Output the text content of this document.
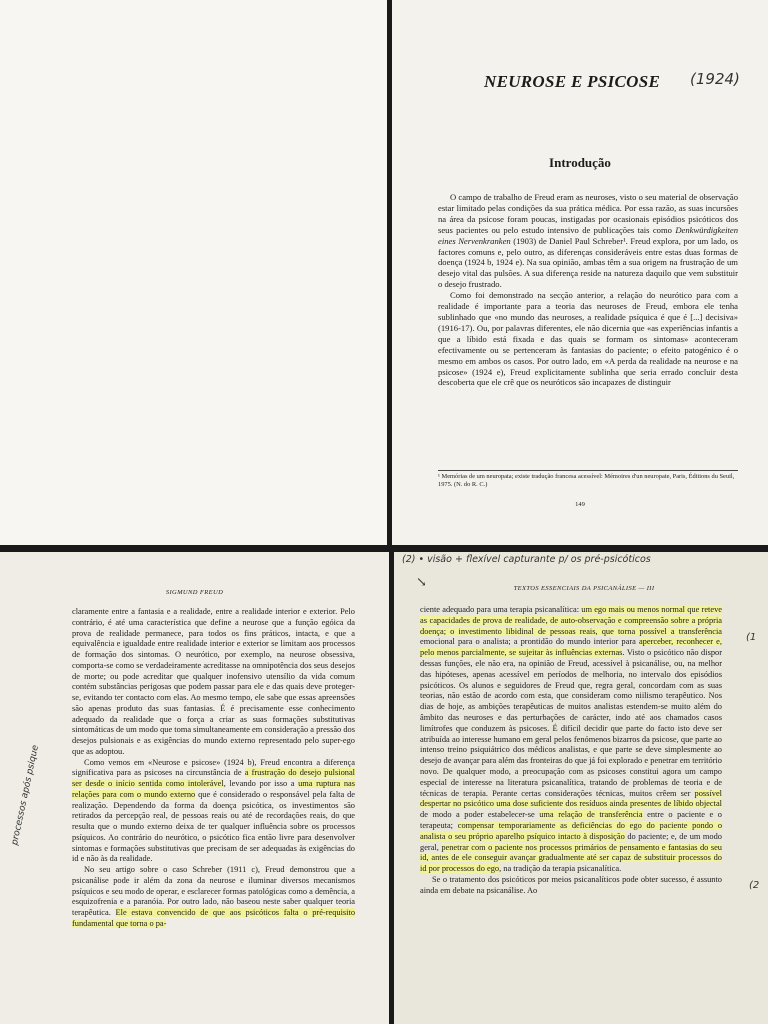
NEUROSE E PSICOSE (1924)
Introdução

O campo de trabalho de Freud eram as neuroses, visto o seu material de observação estar limitado pelas condições da sua prática médica. Por essa razão, as suas incursões na área da psicose foram poucas, instigadas por ocasionais episódios psicóticos dos seus pacientes ou pelo estudo intensivo de publicações tais como Denkwürdigkeiten eines Nervenkranken (1903) de Daniel Paul Schreber¹. Freud explora, por um lado, os factores comuns e, pelo outro, as diferenças consideráveis entre estas duas formas de doença (1924 b, 1924 e). Na sua opinião, ambas têm a sua origem na frustração de um desejo vital das pulsões. A sua diferença reside na natureza daquilo que vem substituir o desejo frustrado.

Como foi demonstrado na secção anterior, a relação do neurótico para com a realidade é importante para a teoria das neuroses de Freud, embora ele tenha sublinhado que «no mundo das neuroses, a realidade psíquica é que é [...] decisiva» (1916-17). Ou, por palavras diferentes, ele não dicernia que «as experiências infantis a que a líbido está fixada e das quais se formam os sintomas» aconteceram efectivamente ou se pertenceram às fantasias do paciente; o efeito patogénico é o mesmo em ambos os casos. Por outro lado, em «A perda da realidade na neurose e na psicose» (1924 e), Freud explicitamente sublinha que seria errado concluir desta descoberta que ele crê que os neuróticos são incapazes de distinguir

¹ Memórias de um neuropata; existe tradução francesa acessível: Mémoires d'un neuropate, Paris, Éditions du Seuil, 1975. (N. do R. C.)
149
SIGMUND FREUD
processos após psique

claramente entre a fantasia e a realidade, entre a realidade interior e exterior. Pelo contrário, é até uma característica que define a neurose que a função egóica da prova de realidade permanece, para todos os fins práticos, intacta, e que a equivalência e igualdade entre realidade interior e exterior se limitam aos processos de formação dos sintomas. O neurótico, por exemplo, na neurose obsessiva, comporta-se como se verdadeiramente acreditasse na omnipotência dos seus desejos de morte; ou pode acreditar que qualquer inofensivo utensílio da vida comum contém substâncias perigosas que podem passar para ele e das quais deve proteger-se, evitando ter contacto com elas. Ao mesmo tempo, ele sabe que essas apreensões são apenas produto das suas fantasias. É é precisamente esse conhecimento adequado da realidade que o força a criar as suas formações substitutivas sintomáticas de um modo que toma simultaneamente em consideração a pressão dos desejos pulsionais e as exigências do mundo externo representado pelo super-ego que as adoptou.

Como vemos em «Neurose e psicose» (1924 b), Freud encontra a diferença significativa para as psicoses na circunstância de a frustração do desejo pulsional ser desde o início sentida como intolerável, levando por isso a uma ruptura nas relações para com o mundo externo que é considerado o responsável pela falta de realização. Dependendo da forma da doença psicótica, os investimentos são retirados da percepção real, de pessoas reais ou até de recordações reais, do que resulta que o mundo externo deixa de ter qualquer influência sobre os processos psíquicos. Ao contrário do neurótico, o psicótico fica então livre para desenvolver sintomas e formações substitutivas que precisam de ser adequadas às exigências do id e não às da realidade.

No seu artigo sobre o caso Schreber (1911 c), Freud demonstrou que a psicanálise pode ir além da zona da neurose e iluminar diversos mecanismos psíquicos e seu modo de operar, e esclarecer formas patológicas como a demência, a esquizofrenia e a paranóia. Por outro lado, não baseou neste saber qualquer teoria terapêutica. Ele estava convencido de que aos psicóticos falta o pré-requisito fundamental que torna o pa-

(2) • visão + flexível capturante p/ os pré-psicóticos
↘	TEXTOS ESSENCIAIS DA PSICANÁLISE — III
(1
(2

ciente adequado para uma terapia psicanalítica: um ego mais ou menos normal que reteve as capacidades de prova de realidade, de auto-observação e compreensão sobre a própria doença; o investimento libidinal de pessoas reais, que torna possível a transferência emocional para o analista; a prontidão do mundo interior para aperceber, reconhecer e, pelo menos parcialmente, se sujeitar às influências externas. Visto o psicótico não dispor dessas funções, ele não era, na opinião de Freud, acessível à psicanálise, ou, na melhor das hipóteses, apenas acessível em períodos de melhoria, no intervalo dos episódios psicóticos. Os alunos e seguidores de Freud que, regra geral, concordam com as suas teorias, não estão de acordo com esta, que consideram como niilismo terapêutico. Nos dias de hoje, as ambições terapêuticas de muitos analistas estendem-se muito além do âmbito das neuroses e das perturbações de carácter, indo até aos chamados casos limítrofes que conduzem às psicoses. É difícil decidir que parte do facto isto deve ser atribuída ao interesse humano em geral pelos fenómenos bizarros da psicose, que parte ao intenso treino psiquiátrico dos médicos analistas, e que parte se deve simplesmente ao desejo de avançar para além das fronteiras do que já foi explorado e penetrar em território novo. De qualquer modo, a preocupação com as psicoses constitui agora um campo especial de interesse na literatura psicanalítica, tratando de problemas de teoria e de técnicas de terapia. Perante certas considerações técnicas, muitos crêem ser possível despertar no psicótico uma dose suficiente dos resíduos ainda presentes de líbido objectal de modo a poder estabelecer-se uma relação de transferência entre o paciente e o terapeuta; compensar temporariamente as deficiências do ego do paciente pondo o analista o seu próprio aparelho psíquico intacto à disposição do paciente; e, de um modo geral, penetrar com o paciente nos processos primários de pensamento e fantasias do seu id, antes de ele conseguir avançar gradualmente até ser capaz de substituir processos do id por processos do ego, na tradição da terapia psicanalítica.

Se o tratamento dos psicóticos por meios psicanalíticos pode obter sucesso, é assunto ainda em debate na psicanálise. Ao
